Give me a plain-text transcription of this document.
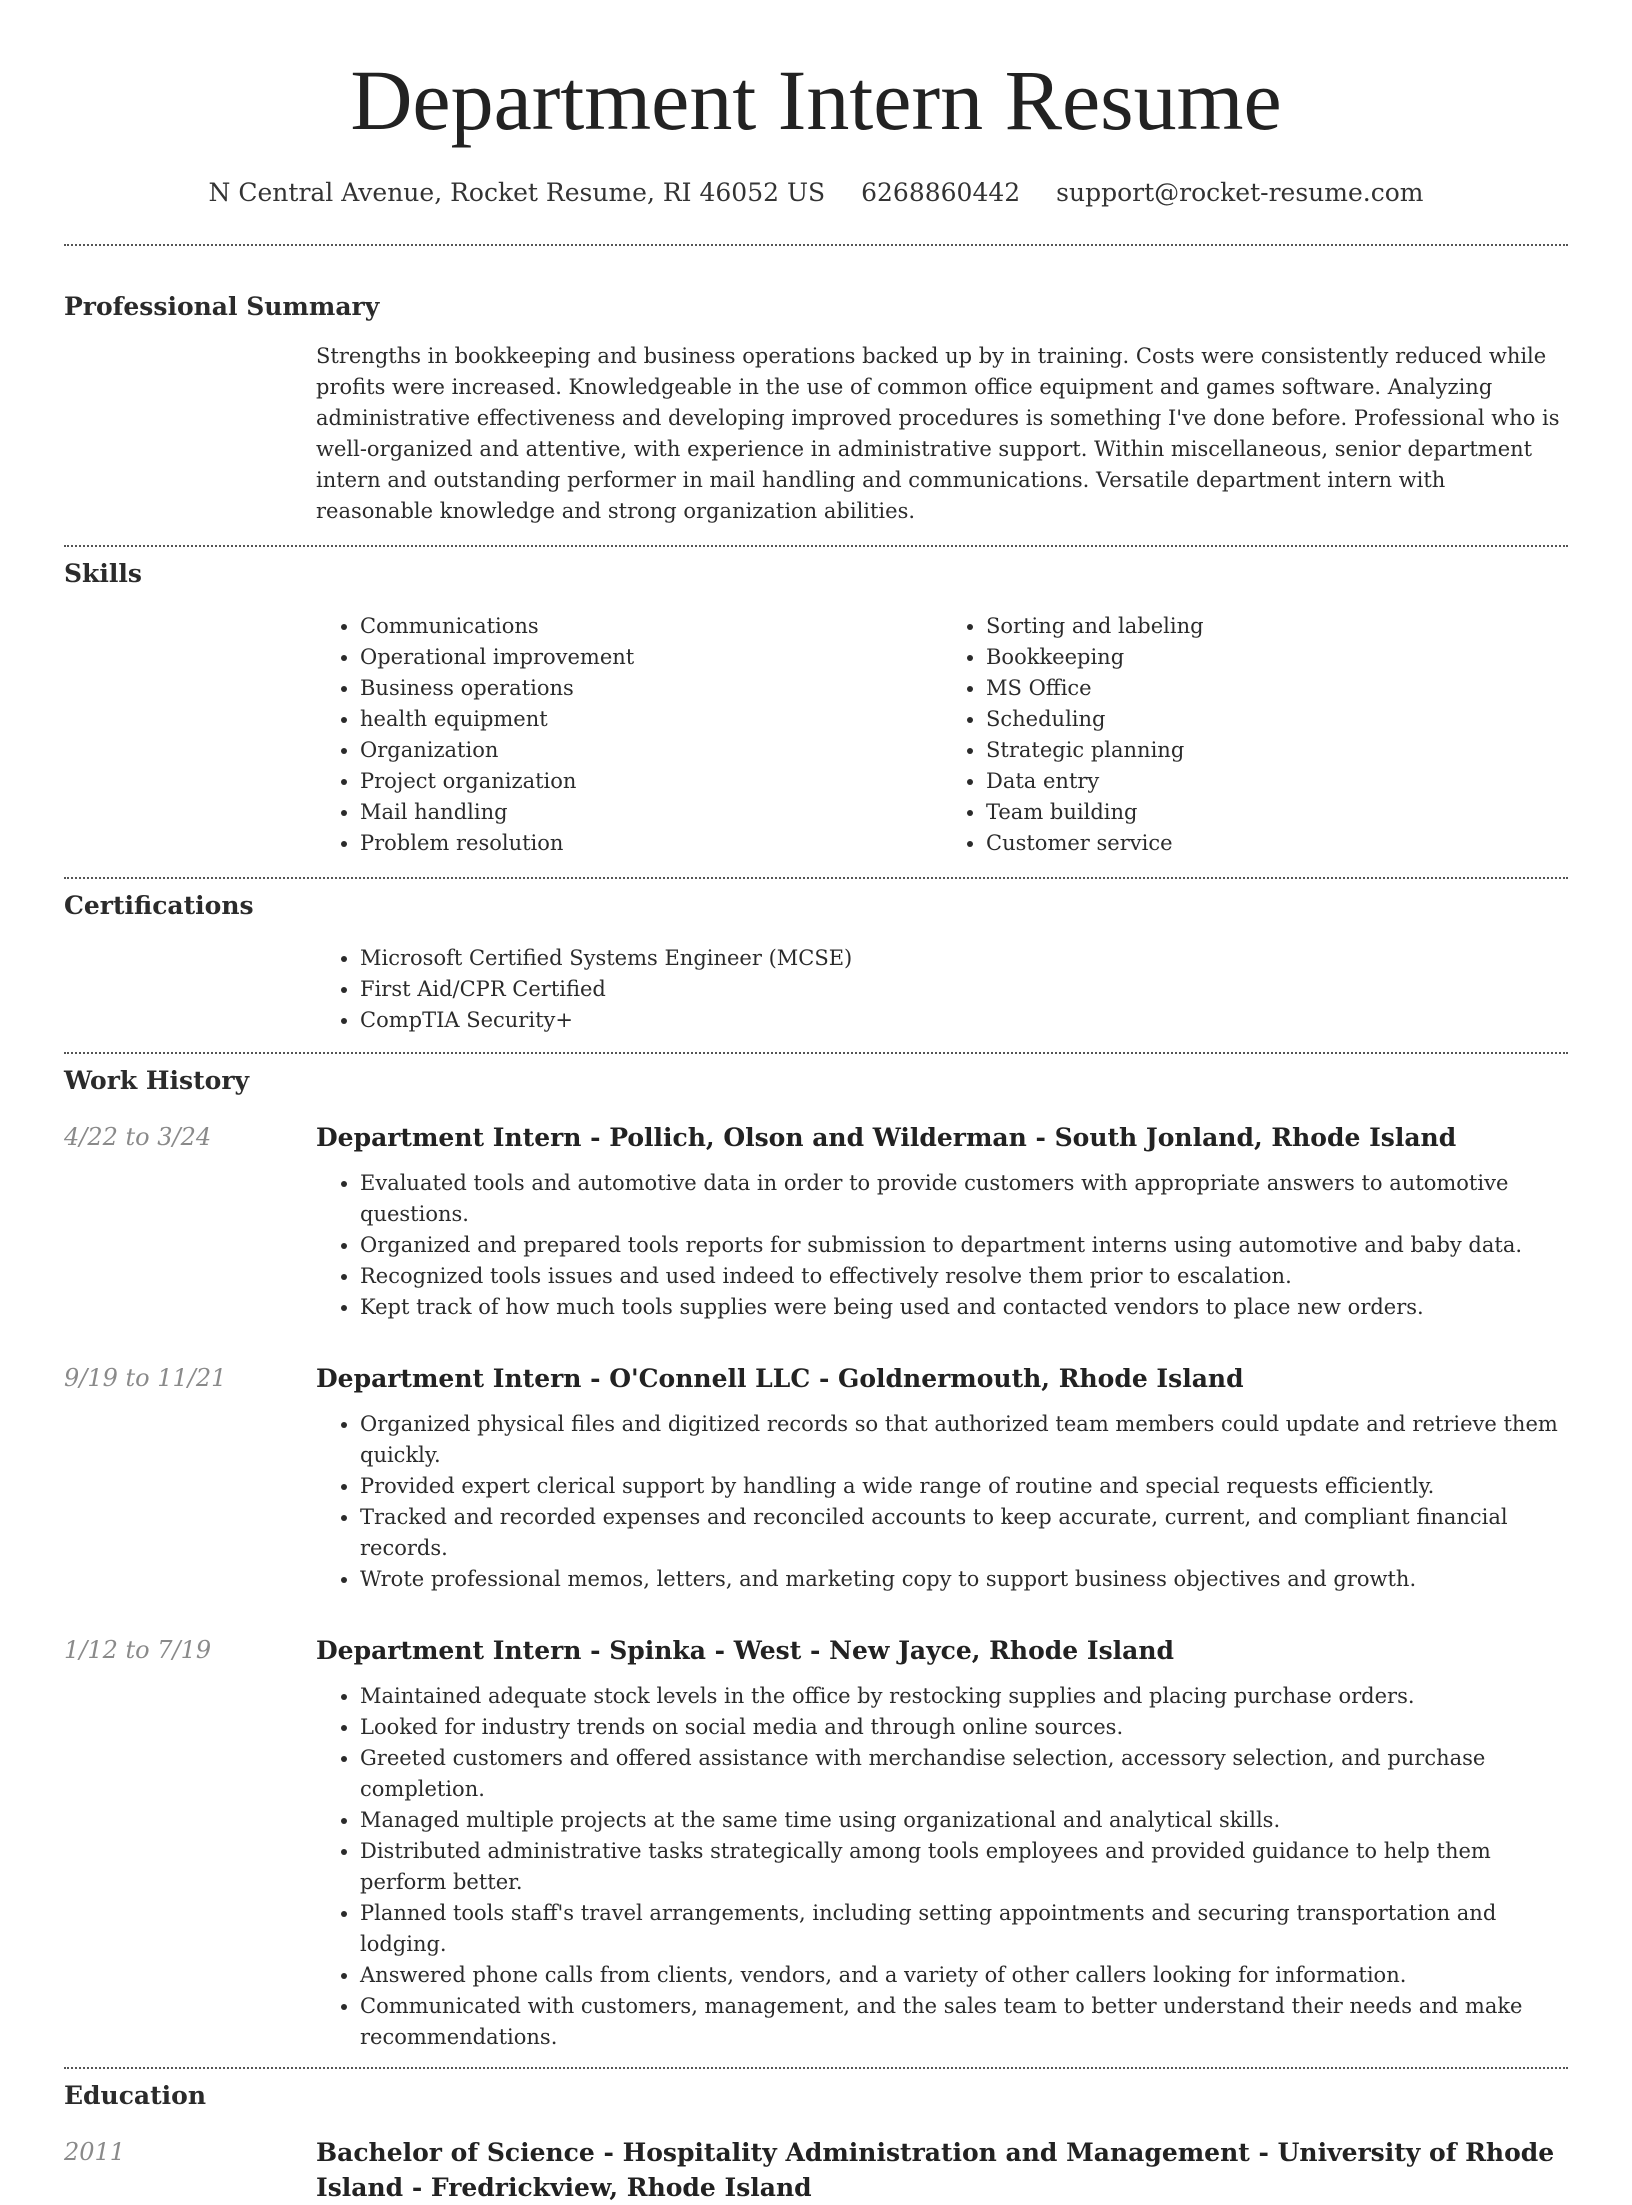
Department Intern Resume
N Central Avenue, Rocket Resume, RI 46052 US 6268860442 support@rocket-resume.com
Professional Summary

Strengths in bookkeeping and business operations backed up by in training. Costs were consistently reduced while profits were increased. Knowledgeable in the use of common office equipment and games software. Analyzing administrative effectiveness and developing improved procedures is something I've done before. Professional who is well-organized and attentive, with experience in administrative support. Within miscellaneous, senior department intern and outstanding performer in mail handling and communications. Versatile department intern with reasonable knowledge and strong organization abilities.

Skills
• Communications
• Operational improvement
• Business operations
• health equipment
• Organization
• Project organization
• Mail handling
• Problem resolution
• Sorting and labeling
• Bookkeeping
• MS Office
• Scheduling
• Strategic planning
• Data entry
• Team building
• Customer service
Certifications
• Microsoft Certified Systems Engineer (MCSE)
• First Aid/CPR Certified
• CompTIA Security+
Work History
4/22 to 3/24	Department Intern - Pollich, Olson and Wilderman - South Jonland, Rhode Island
• Evaluated tools and automotive data in order to provide customers with appropriate answers to automotive questions.
• Organized and prepared tools reports for submission to department interns using automotive and baby data.
• Recognized tools issues and used indeed to effectively resolve them prior to escalation.
• Kept track of how much tools supplies were being used and contacted vendors to place new orders.
9/19 to 11/21	Department Intern - O'Connell LLC - Goldnermouth, Rhode Island
• Organized physical files and digitized records so that authorized team members could update and retrieve them quickly.
• Provided expert clerical support by handling a wide range of routine and special requests efficiently.
• Tracked and recorded expenses and reconciled accounts to keep accurate, current, and compliant financial records.
• Wrote professional memos, letters, and marketing copy to support business objectives and growth.
1/12 to 7/19	Department Intern - Spinka - West - New Jayce, Rhode Island
• Maintained adequate stock levels in the office by restocking supplies and placing purchase orders.
• Looked for industry trends on social media and through online sources.
• Greeted customers and offered assistance with merchandise selection, accessory selection, and purchase completion.
• Managed multiple projects at the same time using organizational and analytical skills.
• Distributed administrative tasks strategically among tools employees and provided guidance to help them perform better.
• Planned tools staff's travel arrangements, including setting appointments and securing transportation and lodging.
• Answered phone calls from clients, vendors, and a variety of other callers looking for information.
• Communicated with customers, management, and the sales team to better understand their needs and make recommendations.
Education
2011	Bachelor of Science - Hospitality Administration and Management - University of Rhode Island - Fredrickview, Rhode Island
